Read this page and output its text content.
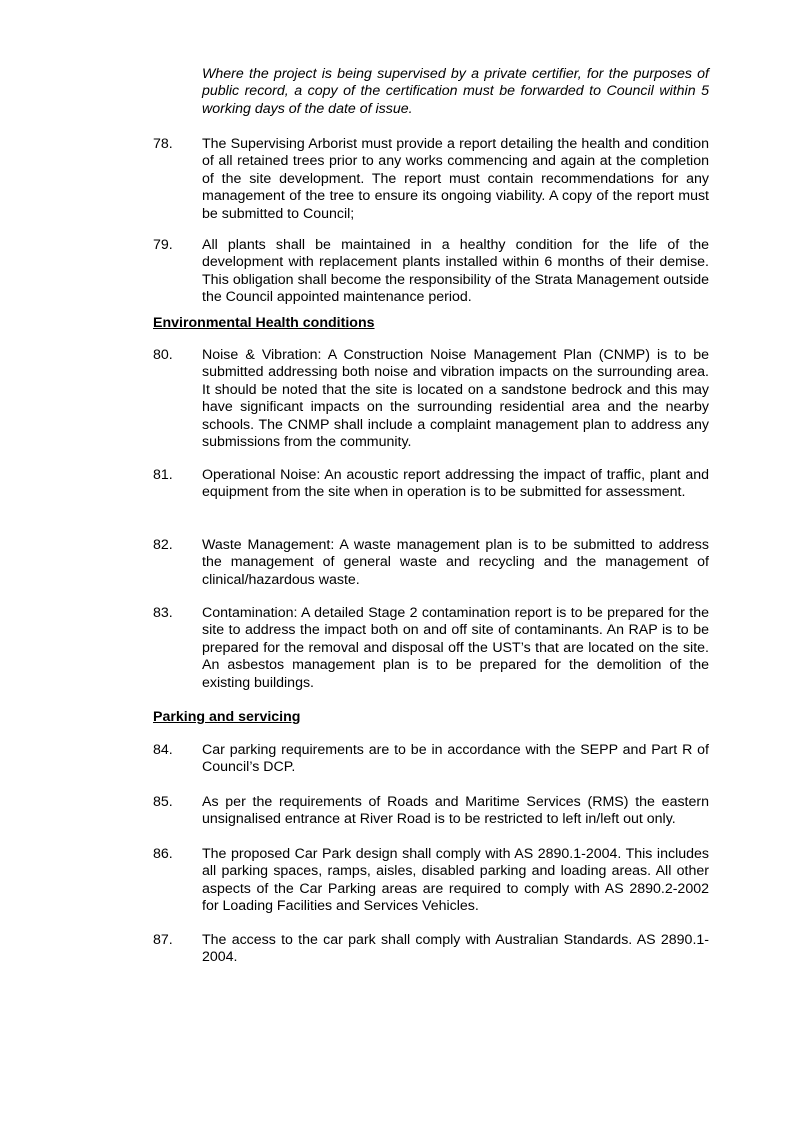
Where the project is being supervised by a private certifier, for the purposes of public record, a copy of the certification must be forwarded to Council within 5 working days of the date of issue.

78.	The Supervising Arborist must provide a report detailing the health and condition of all retained trees prior to any works commencing and again at the completion of the site development. The report must contain recommendations for any management of the tree to ensure its ongoing viability. A copy of the report must be submitted to Council;
79.	All plants shall be maintained in a healthy condition for the life of the development with replacement plants installed within 6 months of their demise. This obligation shall become the responsibility of the Strata Management outside the Council appointed maintenance period.
Environmental Health conditions
80.	Noise & Vibration: A Construction Noise Management Plan (CNMP) is to be submitted addressing both noise and vibration impacts on the surrounding area. It should be noted that the site is located on a sandstone bedrock and this may have significant impacts on the surrounding residential area and the nearby schools. The CNMP shall include a complaint management plan to address any submissions from the community.
81.	Operational Noise: An acoustic report addressing the impact of traffic, plant and equipment from the site when in operation is to be submitted for assessment.
82.	Waste Management: A waste management plan is to be submitted to address the management of general waste and recycling and the management of clinical/hazardous waste.
83.	Contamination: A detailed Stage 2 contamination report is to be prepared for the site to address the impact both on and off site of contaminants. An RAP is to be prepared for the removal and disposal off the UST’s that are located on the site. An asbestos management plan is to be prepared for the demolition of the existing buildings.
Parking and servicing
84.	Car parking requirements are to be in accordance with the SEPP and Part R of Council’s DCP.
85.	As per the requirements of Roads and Maritime Services (RMS) the eastern unsignalised entrance at River Road is to be restricted to left in/left out only.
86.	The proposed Car Park design shall comply with AS 2890.1-2004. This includes all parking spaces, ramps, aisles, disabled parking and loading areas. All other aspects of the Car Parking areas are required to comply with AS 2890.2-2002 for Loading Facilities and Services Vehicles.
87.	The access to the car park shall comply with Australian Standards. AS 2890.1-2004.
